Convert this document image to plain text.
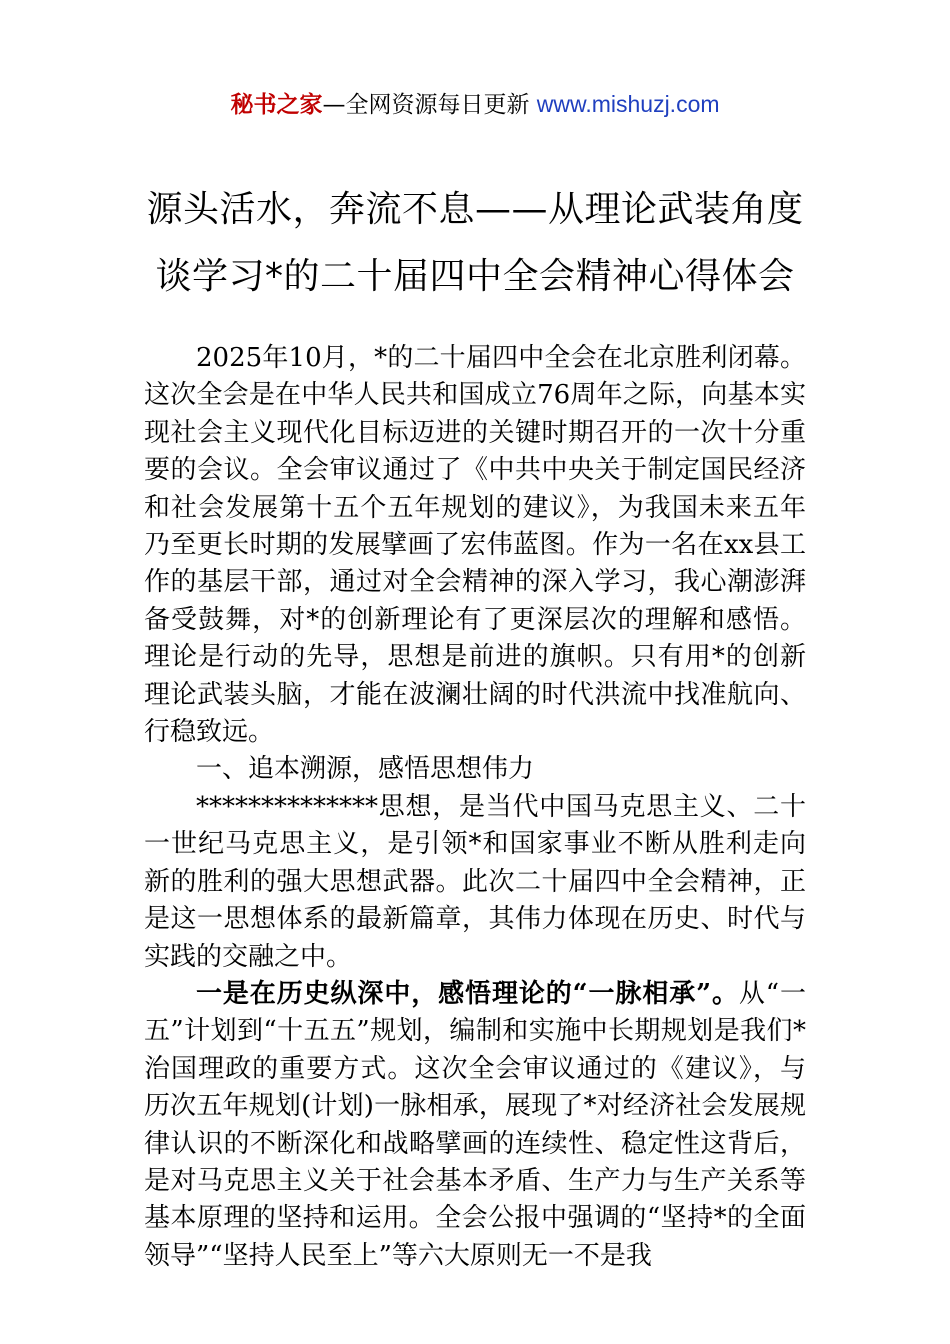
秘书之家—全网资源每日更新 www.mishuzj.com
源头活水，奔流不息——从理论武装角度
谈学习*的二十届四中全会精神心得体会

2025年10月，*的二十届四中全会在北京胜利闭幕。这次全会是在中华人民共和国成立76周年之际，向基本实现社会主义现代化目标迈进的关键时期召开的一次十分重要的会议。全会审议通过了《中共中央关于制定国民经济和社会发展第十五个五年规划的建议》，为我国未来五年乃至更长时期的发展擘画了宏伟蓝图。作为一名在xx县工作的基层干部，通过对全会精神的深入学习，我心潮澎湃备受鼓舞，对*的创新理论有了更深层次的理解和感悟。理论是行动的先导，思想是前进的旗帜。只有用*的创新理论武装头脑，才能在波澜壮阔的时代洪流中找准航向、行稳致远。

一、追本溯源，感悟思想伟力

**************思想，是当代中国马克思主义、二十一世纪马克思主义，是引领*和国家事业不断从胜利走向新的胜利的强大思想武器。此次二十届四中全会精神，正是这一思想体系的最新篇章，其伟力体现在历史、时代与实践的交融之中。

一是在历史纵深中，感悟理论的“一脉相承”。从“一五”计划到“十五五”规划，编制和实施中长期规划是我们*治国理政的重要方式。这次全会审议通过的《建议》，与历次五年规划(计划)一脉相承，展现了*对经济社会发展规律认识的不断深化和战略擘画的连续性、稳定性这背后，是对马克思主义关于社会基本矛盾、生产力与生产关系等基本原理的坚持和运用。全会公报中强调的“坚持*的全面领导”“坚持人民至上”等六大原则无一不是我
